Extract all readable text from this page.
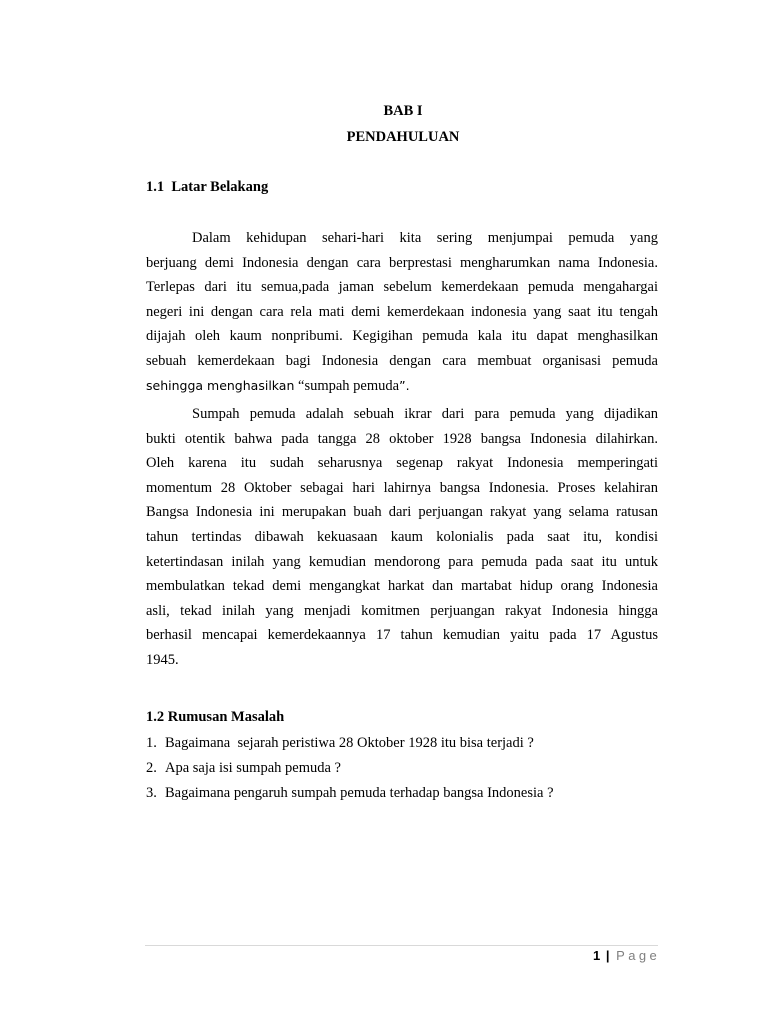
BAB I
PENDAHULUAN
1.1  Latar Belakang
Dalam kehidupan sehari-hari kita sering menjumpai pemuda yang
berjuang demi Indonesia dengan cara berprestasi mengharumkan nama Indonesia.
Terlepas dari itu semua,pada jaman sebelum kemerdekaan pemuda mengahargai
negeri ini dengan cara rela mati demi kemerdekaan indonesia yang saat itu tengah
dijajah oleh kaum nonpribumi. Kegigihan pemuda kala itu dapat menghasilkan
sebuah kemerdekaan bagi Indonesia dengan cara membuat organisasi pemuda
sehingga menghasilkan “sumpah pemuda”.
Sumpah pemuda adalah sebuah ikrar dari para pemuda yang dijadikan
bukti otentik bahwa pada tangga 28 oktober 1928 bangsa Indonesia dilahirkan.
Oleh karena itu sudah seharusnya segenap rakyat Indonesia memperingati
momentum 28 Oktober sebagai hari lahirnya bangsa Indonesia. Proses kelahiran
Bangsa Indonesia ini merupakan buah dari perjuangan rakyat yang selama ratusan
tahun tertindas dibawah kekuasaan kaum kolonialis pada saat itu, kondisi
ketertindasan inilah yang kemudian mendorong para pemuda pada saat itu untuk
membulatkan tekad demi mengangkat harkat dan martabat hidup orang Indonesia
asli, tekad inilah yang menjadi komitmen perjuangan rakyat Indonesia hingga
berhasil mencapai kemerdekaannya 17 tahun kemudian yaitu pada 17 Agustus
1945.
1.2 Rumusan Masalah
1. Bagaimana  sejarah peristiwa 28 Oktober 1928 itu bisa terjadi ?
2. Apa saja isi sumpah pemuda ?
3. Bagaimana pengaruh sumpah pemuda terhadap bangsa Indonesia ?
1 | Page
